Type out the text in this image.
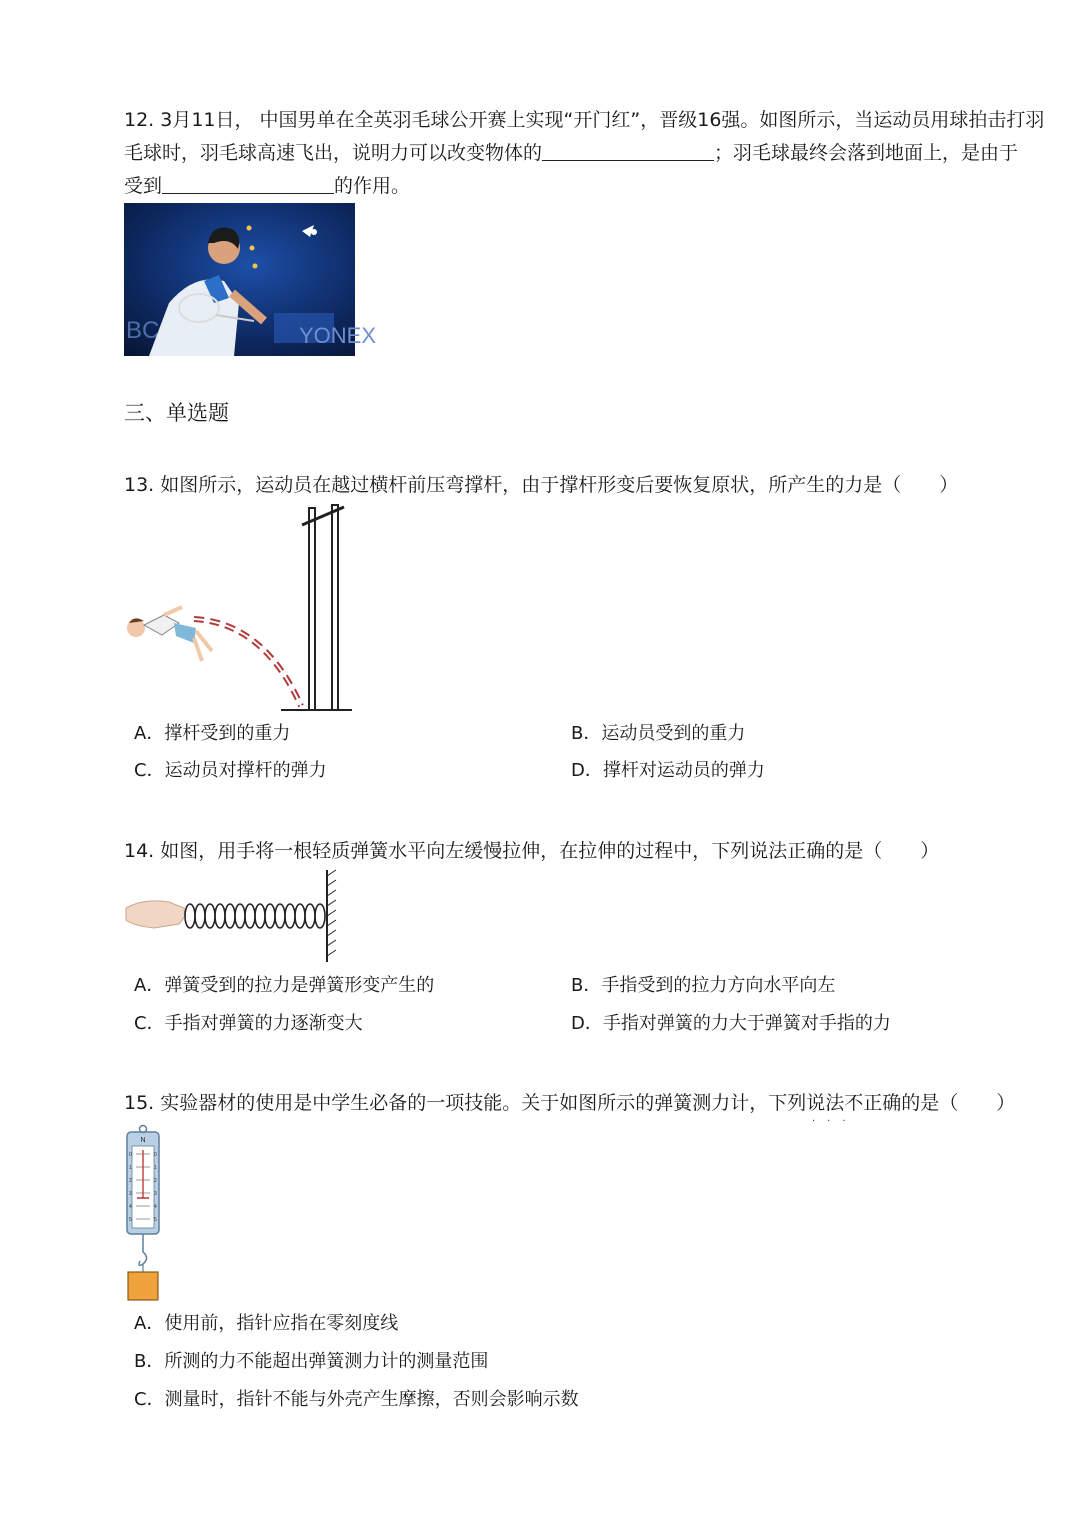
12. 3月11日， 中国男单在全英羽毛球公开赛上实现“开门红”，晋级16强。如图所示，当运动员用球拍击打羽
毛球时，羽毛球高速飞出，说明力可以改变物体的	；羽毛球最终会落到地面上，是由于
受到	的作用。
YONEX
BC
三、单选题
13. 如图所示，运动员在越过横杆前压弯撑杆，由于撑杆形变后要恢复原状，所产生的力是（　　）
A．撑杆受到的重力	B．运动员受到的重力
C．运动员对撑杆的弹力	D．撑杆对运动员的弹力
14. 如图，用手将一根轻质弹簧水平向左缓慢拉伸，在拉伸的过程中，下列说法正确的是（　　）
A．弹簧受到的拉力是弹簧形变产生的	B．手指受到的拉力方向水平向左
C．手指对弹簧的力逐渐变大	D．手指对弹簧的力大于弹簧对手指的力
15. 实验器材的使用是中学生必备的一项技能。关于如图所示的弹簧测力计，下列说法不正确的是（　　）
···
N
0
1
2
3
4
5
0
1
2
3
4
5
A．使用前，指针应指在零刻度线
B．所测的力不能超出弹簧测力计的测量范围
C．测量时，指针不能与外壳产生摩擦，否则会影响示数
